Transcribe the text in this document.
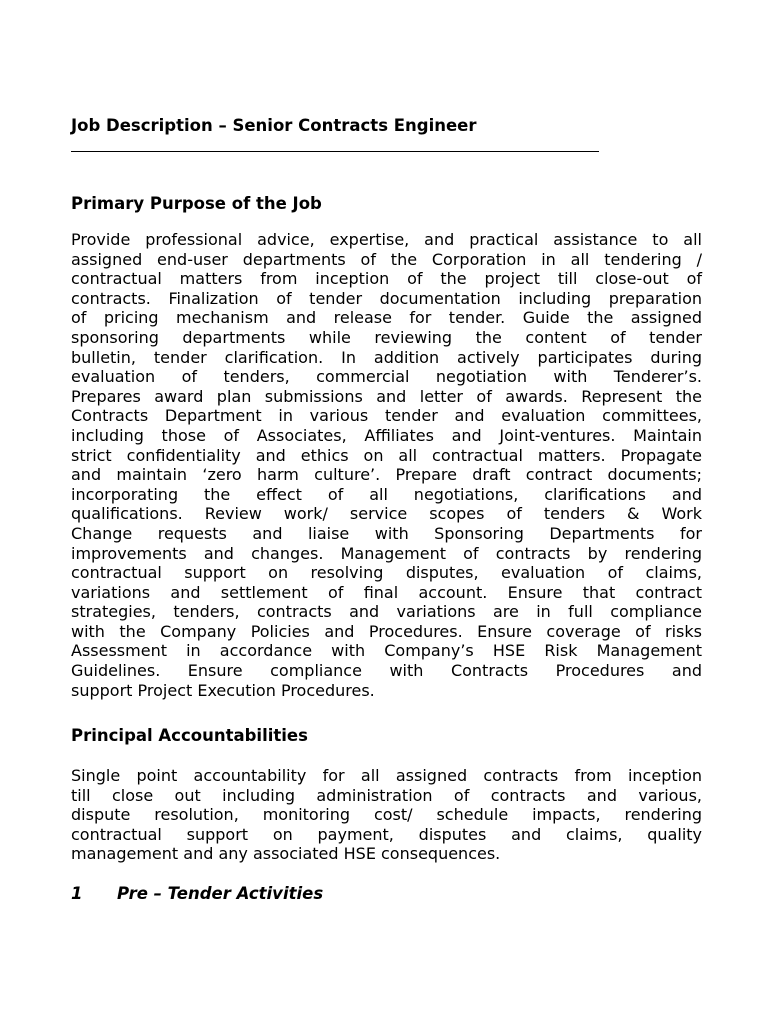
Job Description – Senior Contracts Engineer
Primary Purpose of the Job
Provide professional advice, expertise, and practical assistance to all
assigned end-user departments of the Corporation in all tendering /
contractual matters from inception of the project till close-out of
contracts. Finalization of tender documentation including preparation
of pricing mechanism and release for tender. Guide the assigned
sponsoring departments while reviewing the content of tender
bulletin, tender clarification. In addition actively participates during
evaluation of tenders, commercial negotiation with Tenderer’s.
Prepares award plan submissions and letter of awards. Represent the
Contracts Department in various tender and evaluation committees,
including those of Associates, Affiliates and Joint-ventures. Maintain
strict confidentiality and ethics on all contractual matters. Propagate
and maintain ‘zero harm culture’. Prepare draft contract documents;
incorporating the effect of all negotiations, clarifications and
qualifications. Review work/ service scopes of tenders & Work
Change requests and liaise with Sponsoring Departments for
improvements and changes. Management of contracts by rendering
contractual support on resolving disputes, evaluation of claims,
variations and settlement of final account. Ensure that contract
strategies, tenders, contracts and variations are in full compliance
with the Company Policies and Procedures. Ensure coverage of risks
Assessment in accordance with Company’s HSE Risk Management
Guidelines. Ensure compliance with Contracts Procedures and
support Project Execution Procedures.
Principal Accountabilities
Single point accountability for all assigned contracts from inception
till close out including administration of contracts and various,
dispute resolution, monitoring cost/ schedule impacts, rendering
contractual support on payment, disputes and claims, quality
management and any associated HSE consequences.
1 Pre – Tender Activities
